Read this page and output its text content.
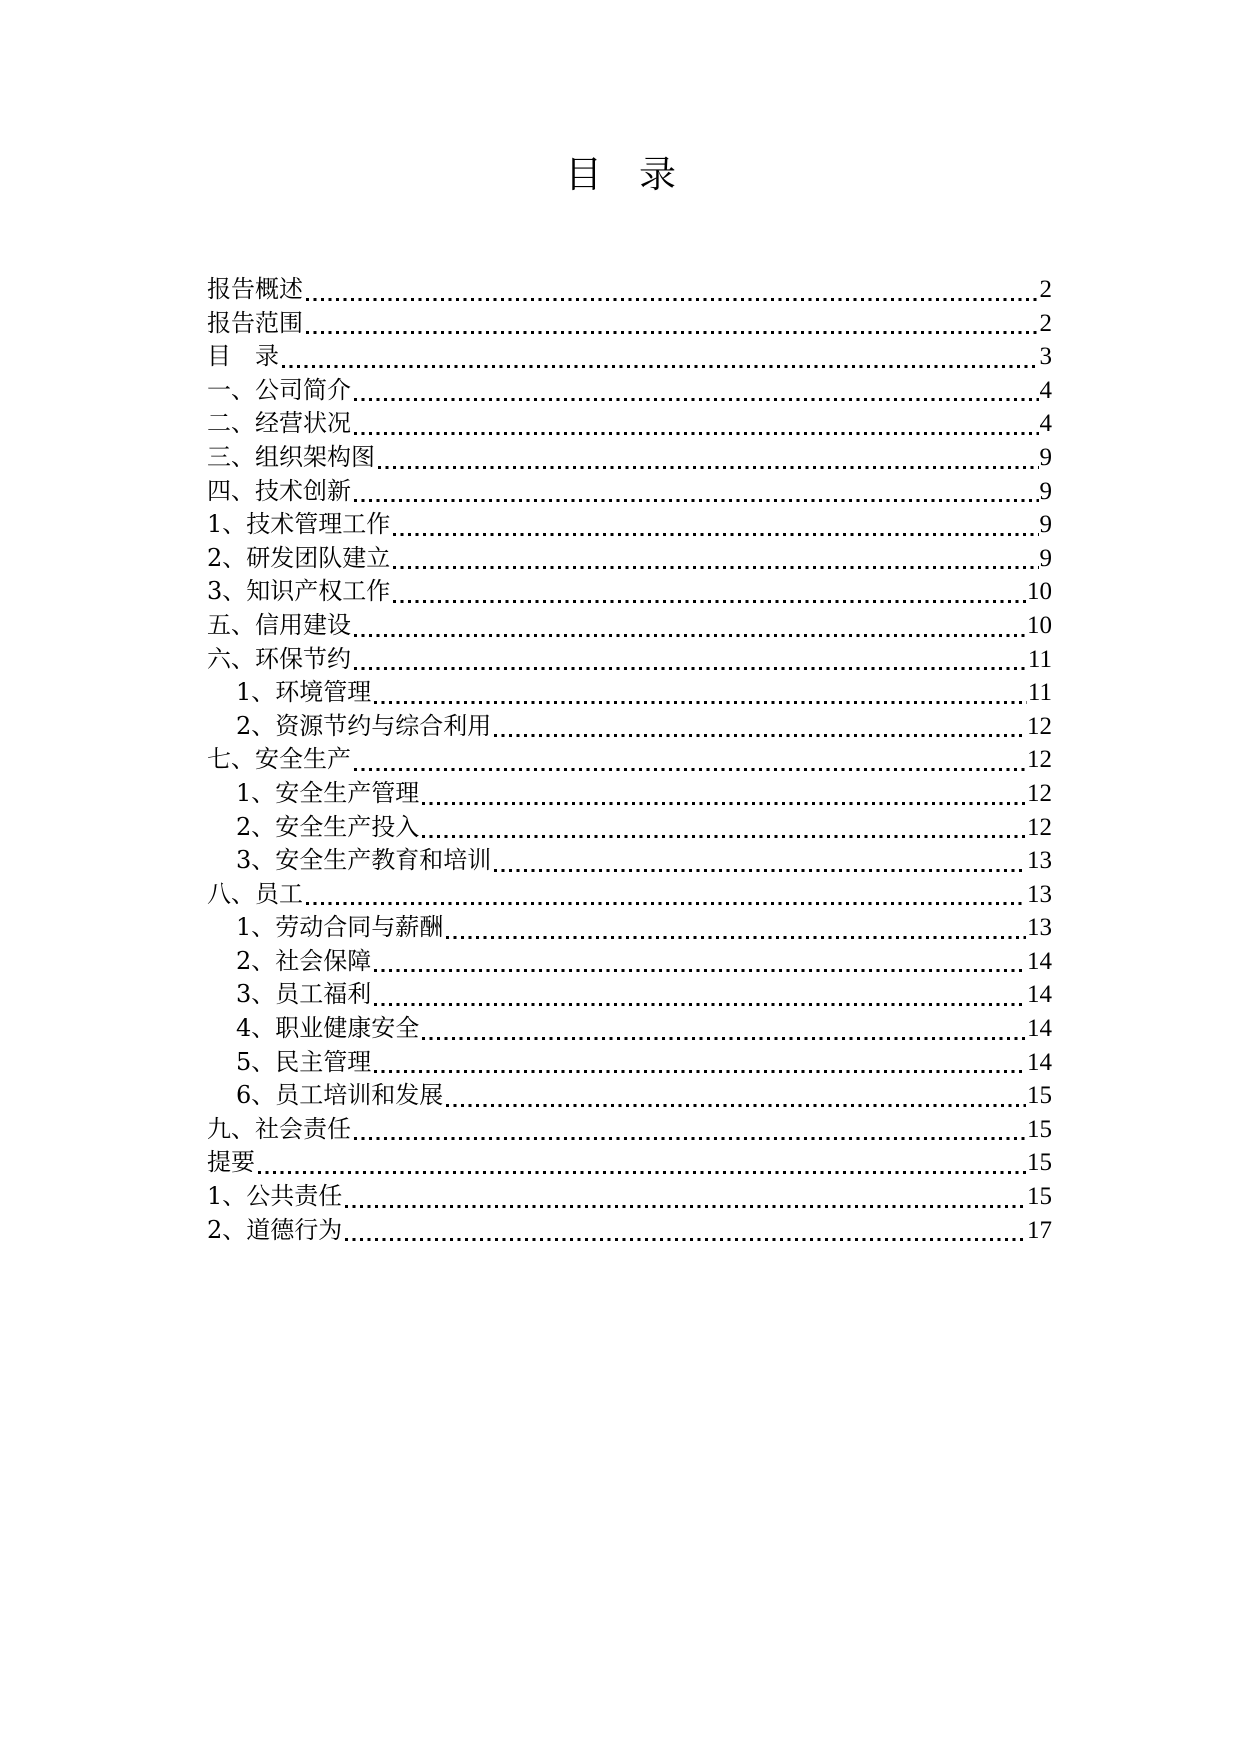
目　录
报告概述	2
报告范围	2
目　录	3
一、公司简介	4
二、经营状况	4
三、组织架构图	9
四、技术创新	9
1、技术管理工作	9
2、研发团队建立	9
3、知识产权工作	10
五、信用建设	10
六、环保节约	11
1、环境管理	11
2、资源节约与综合利用	12
七、安全生产	12
1、安全生产管理	12
2、安全生产投入	12
3、安全生产教育和培训	13
八、员工	13
1、劳动合同与薪酬	13
2、社会保障	14
3、员工福利	14
4、职业健康安全	14
5、民主管理	14
6、员工培训和发展	15
九、社会责任	15
提要	15
1、公共责任	15
2、道德行为	17
